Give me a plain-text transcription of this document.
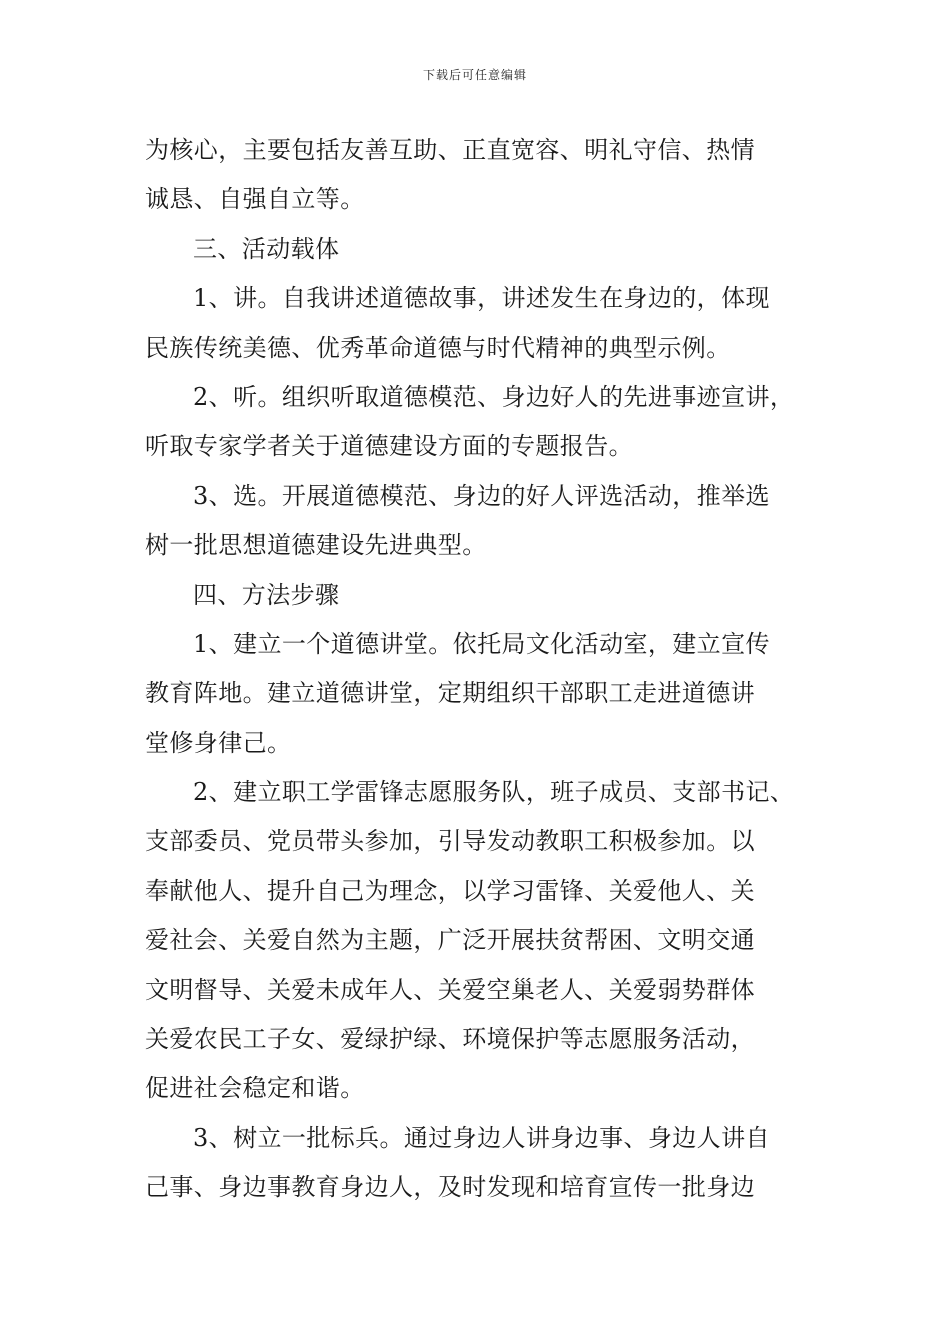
下载后可任意编辑
为核心，主要包括友善互助、正直宽容、明礼守信、热情
诚恳、自强自立等。
三、活动载体
1、讲。自我讲述道德故事，讲述发生在身边的，体现
民族传统美德、优秀革命道德与时代精神的典型示例。
2、听。组织听取道德模范、身边好人的先进事迹宣讲，
听取专家学者关于道德建设方面的专题报告。
3、选。开展道德模范、身边的好人评选活动，推举选
树一批思想道德建设先进典型。
四、方法步骤
1、建立一个道德讲堂。依托局文化活动室，建立宣传
教育阵地。建立道德讲堂，定期组织干部职工走进道德讲
堂修身律己。
2、建立职工学雷锋志愿服务队，班子成员、支部书记、
支部委员、党员带头参加，引导发动教职工积极参加。以
奉献他人、提升自己为理念，以学习雷锋、关爱他人、关
爱社会、关爱自然为主题，广泛开展扶贫帮困、文明交通
文明督导、关爱未成年人、关爱空巢老人、关爱弱势群体
关爱农民工子女、爱绿护绿、环境保护等志愿服务活动，
促进社会稳定和谐。
3、树立一批标兵。通过身边人讲身边事、身边人讲自
己事、身边事教育身边人，及时发现和培育宣传一批身边
